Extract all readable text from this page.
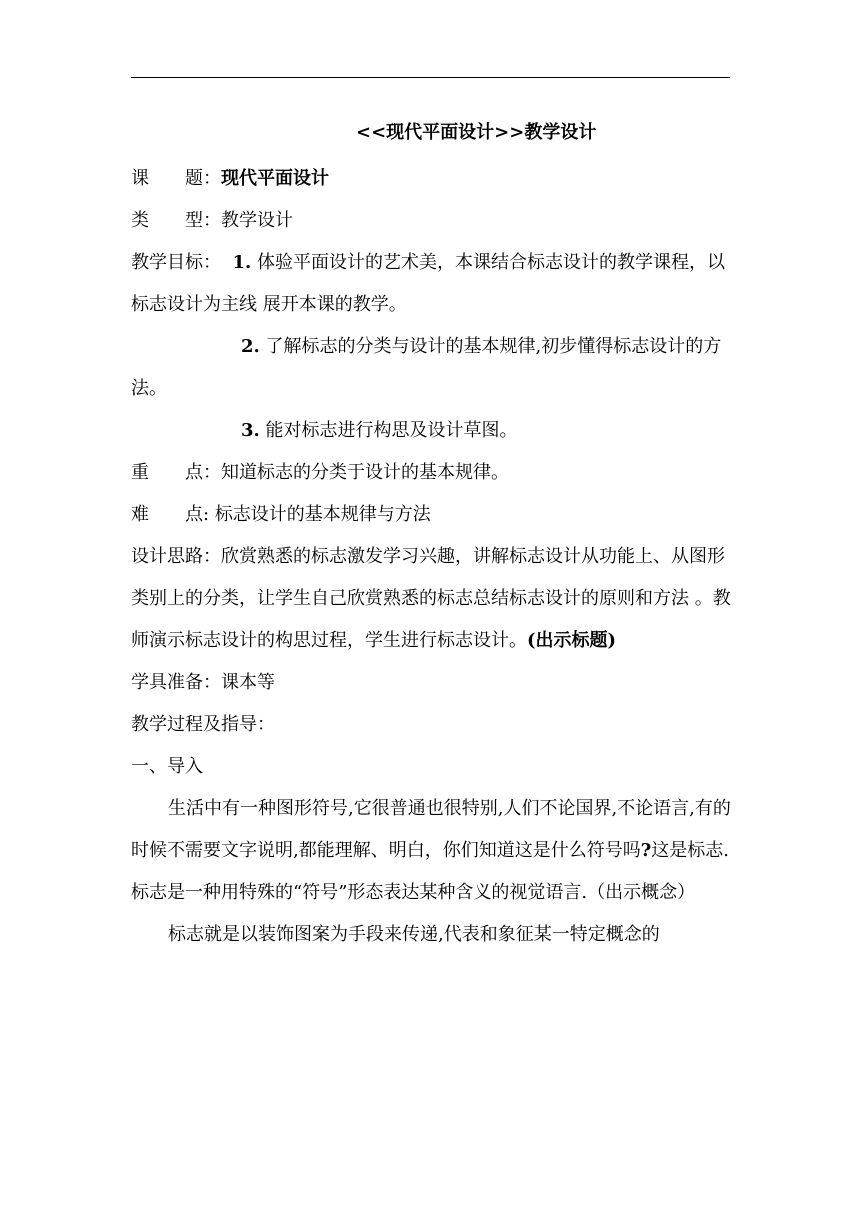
<<现代平面设计>>教学设计

课　　题：现代平面设计

类　　型：教学设计

教学目标： 1. 体验平面设计的艺术美，本课结合标志设计的教学课程，以标志设计为主线 展开本课的教学。

2. 了解标志的分类与设计的基本规律,初步懂得标志设计的方法。

3. 能对标志进行构思及设计草图。

重　　点：知道标志的分类于设计的基本规律。

难　　点: 标志设计的基本规律与方法

设计思路：欣赏熟悉的标志激发学习兴趣，讲解标志设计从功能上、从图形类别上的分类，让学生自己欣赏熟悉的标志总结标志设计的原则和方法 。教师演示标志设计的构思过程，学生进行标志设计。(出示标题)

学具准备：课本等

教学过程及指导：

一、导入

生活中有一种图形符号,它很普通也很特别,人们不论国界,不论语言,有的时候不需要文字说明,都能理解、明白，你们知道这是什么符号吗?这是标志.标志是一种用特殊的“符号”形态表达某种含义的视觉语言.（出示概念）

标志就是以装饰图案为手段来传递,代表和象征某一特定概念的
